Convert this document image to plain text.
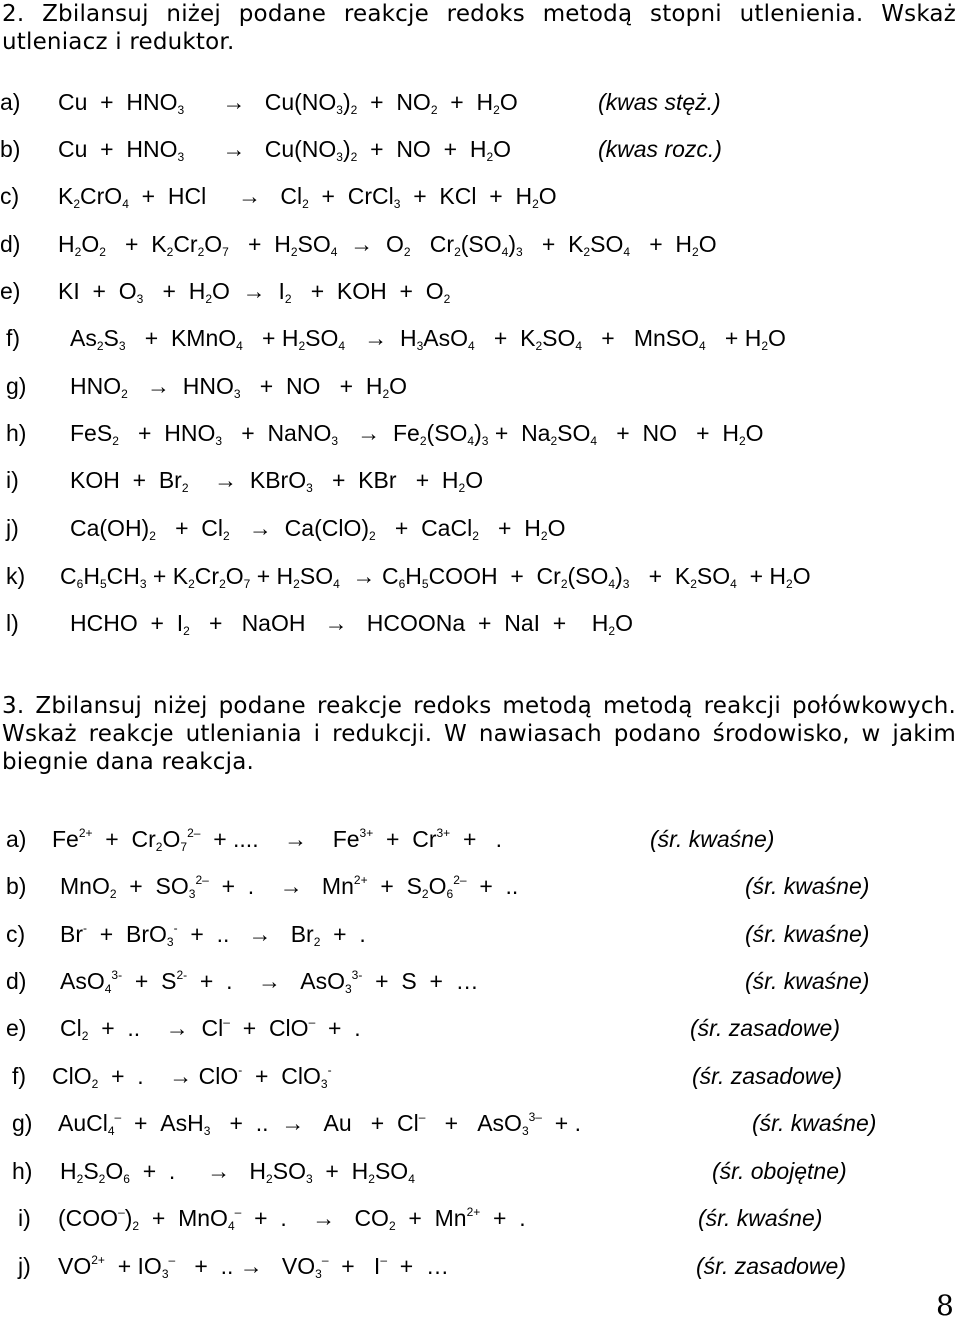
2. Zbilansuj niżej podane reakcje redoks metodą stopni utlenienia. Wskaż utleniacz i reduktor.
a) $Cu + HNO_3$      →   $Cu(NO_3)_2 + NO_2 + H_2O$	(kwas stęż.)
b) $Cu + HNO_3$      →   $Cu(NO_3)_2$  +  NO  +  $H_2O$	(kwas rozc.)
c) $K_2CrO_4$  +  HCl     →   $Cl_2$  +  CrCl$_3$  +  KCl  +  $H_2O$
d) $H_2O_2 + K_2Cr_2O_7 + H_2SO_4 \to O_2$   $Cr_2(SO_4)_3 + K_2SO_4 + H_2O$
e) KI  +  $O_3 + H_2O \to I_2$   +  KOH  +  $O_2$
f) $As_2S_3$   +  KMnO$_4$   + $H_2SO_4 \to H_3AsO_4 + K_2SO_4$   +   MnSO$_4$   + $H_2O$
g) $HNO_2 \to HNO_3$   +  NO   +  $H_2O$
h) $FeS_2 + HNO_3$   +  NaNO$_3$   →  $Fe_2(SO_4)_3 + Na_2SO_4$   +  NO   +  $H_2O$
i) KOH  +  $Br_2$    →  KBrO$_3$   +  KBr   +  $H_2O$
j) $Ca(OH)_2 + Cl_2 \to Ca(ClO)_2$   +  CaCl$_2$   +  $H_2O$
k) $C_6H_5CH_3 + K_2Cr_2O_7 + H_2SO_4$  → $C_6H_5COOH + Cr_2(SO_4)_3 + K_2SO_4 + H_2O$
l) HCHO  +  $I_2$   +   NaOH   →   HCOONa  +  NaI  +    $H_2O$
3. Zbilansuj niżej podane reakcje redoks metodą metodą reakcji połówkowych. Wskaż reakcje utleniania i redukcji. W nawiasach podano środowisko, w jakim biegnie dana reakcja.
a) $Fe^{2+} + Cr_2O_7^{2-}$  + ....    →    $Fe^{3+} + Cr^{3+}$  +   .	(śr. kwaśne)
b) $MnO_2 + SO_3^{2-}$  +  .    →   $Mn^{2+} + S_2O_6^{2-}$  +  ..	(śr. kwaśne)
c) Br-  +  BrO$_3$-  +  ..   →   $Br_2$  +  .	(śr. kwaśne)
d) $AsO_4^{3-} + S^{2-}$  +  .    →   AsO$_3^{3-}$  +  S  +  …	(śr. kwaśne)
e) $Cl_2$  +  ..    →  Cl–  +  ClO–  +  .	(śr. zasadowe)
f) ClO$_2$  +  .    → ClO-  +  ClO$_3$-	(śr. zasadowe)
g) AuCl$_4$–  +  AsH$_3$   +  ..  →   Au   +  Cl–   +   AsO$_3^{3-}$  + .	(śr. kwaśne)
h) $H_2S_2O_6$  +  .     →   $H_2SO_3 + H_2SO_4$	(śr. obojętne)
i) $(COO^-)_2 + MnO_4^-$  +  .    →   $CO_2 + Mn^{2+}$  +  .	(śr. kwaśne)
j) $VO^{2+} + IO_3^-$   +  .. →   $VO_3^- + I^-$  +  …	(śr. zasadowe)
8
